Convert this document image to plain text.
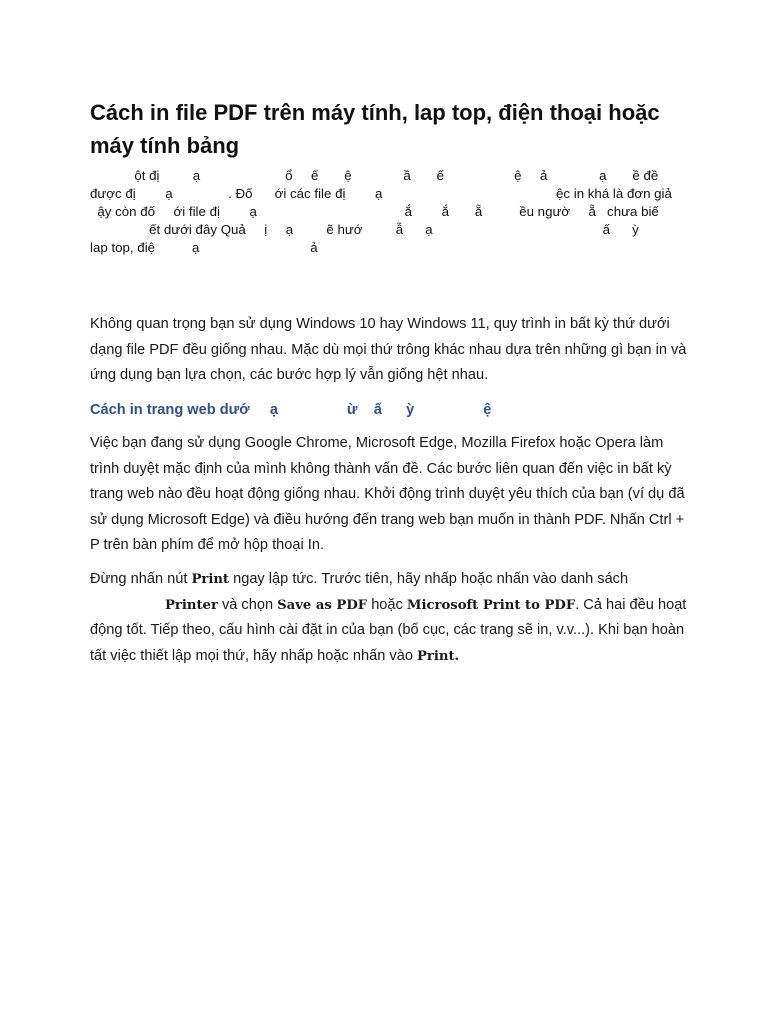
Cách in file PDF trên máy tính, lap top, điện thoại hoặc máy tính bảng
ột đị         ạ                       ổ     ế       ệ              ầ       ế                   ệ     ả              ạ       ề đề
được đị        ạ               . Đố      ới các file đị        ạ                                               ệc in khá là đơn giả
ậy còn đố     ới file đị        ạ                                        ắ        ắ       ẵ          ều ngườ     ẵ   chưa biế
ết dưới đây Quả     ị     ạ         ẽ hướ         ẫ      ạ                                              ấ      ỳ
lap top, điệ          ạ                              ả

Không quan trọng bạn sử dụng Windows 10 hay Windows 11, quy trình in bất kỳ thứ dưới dạng file PDF đều giống nhau. Mặc dù mọi thứ trông khác nhau dựa trên những gì bạn in và ứng dụng bạn lựa chọn, các bước hợp lý vẫn giống hệt nhau.

Cách in trang web dướ     ạ                 ừ    ấ      ỳ                 ệ

Việc bạn đang sử dụng Google Chrome, Microsoft Edge, Mozilla Firefox hoặc Opera làm trình duyệt mặc định của mình không thành vấn đề. Các bước liên quan đến việc in bất kỳ trang web nào đều hoạt động giống nhau. Khởi động trình duyệt yêu thích của bạn (ví dụ đã sử dụng Microsoft Edge) và điều hướng đến trang web bạn muốn in thành PDF. Nhấn Ctrl + P trên bàn phím để mở hộp thoại In.

Đừng nhấn nút Print ngay lập tức. Trước tiên, hãy nhấp hoặc nhấn vào danh sách
Printer và chọn Save as PDF hoặc Microsoft Print to PDF. Cả hai đều hoạt động tốt. Tiếp theo, cấu hình cài đặt in của bạn (bố cục, các trang sẽ in, v.v...). Khi bạn hoàn tất việc thiết lập mọi thứ, hãy nhấp hoặc nhấn vào Print.
